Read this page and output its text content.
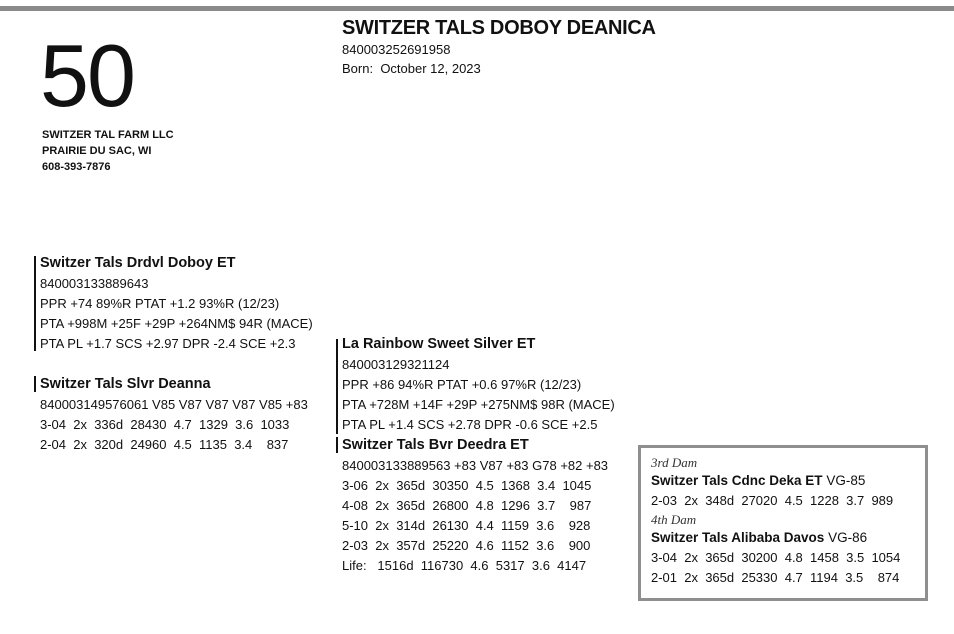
50
SWITZER TAL FARM LLC
PRAIRIE DU SAC, WI
608-393-7876
SWITZER TALS DOBOY DEANICA
840003252691958
Born: October 12, 2023
Switzer Tals Drdvl Doboy ET
840003133889643
PPR +74 89%R PTAT +1.2 93%R (12/23)
PTA +998M +25F +29P +264NM$ 94R (MACE)
PTA PL +1.7 SCS +2.97 DPR -2.4 SCE +2.3
Switzer Tals Slvr Deanna
840003149576061 V85 V87 V87 V87 V85 +83
3-04  2x  336d  28430  4.7  1329  3.6  1033
2-04  2x  320d  24960  4.5  1135  3.4    837
La Rainbow Sweet Silver ET
840003129321124
PPR +86 94%R PTAT +0.6 97%R (12/23)
PTA +728M +14F +29P +275NM$ 98R (MACE)
PTA PL +1.4 SCS +2.78 DPR -0.6 SCE +2.5
Switzer Tals Bvr Deedra ET
840003133889563 +83 V87 +83 G78 +82 +83
3-06  2x  365d  30350  4.5  1368  3.4  1045
4-08  2x  365d  26800  4.8  1296  3.7    987
5-10  2x  314d  26130  4.4  1159  3.6    928
2-03  2x  357d  25220  4.6  1152  3.6    900
Life:   1516d  116730  4.6  5317  3.6  4147
3rd Dam
Switzer Tals Cdnc Deka ET VG-85
2-03  2x  348d  27020  4.5  1228  3.7  989
4th Dam
Switzer Tals Alibaba Davos VG-86
3-04  2x  365d  30200  4.8  1458  3.5  1054
2-01  2x  365d  25330  4.7  1194  3.5    874
